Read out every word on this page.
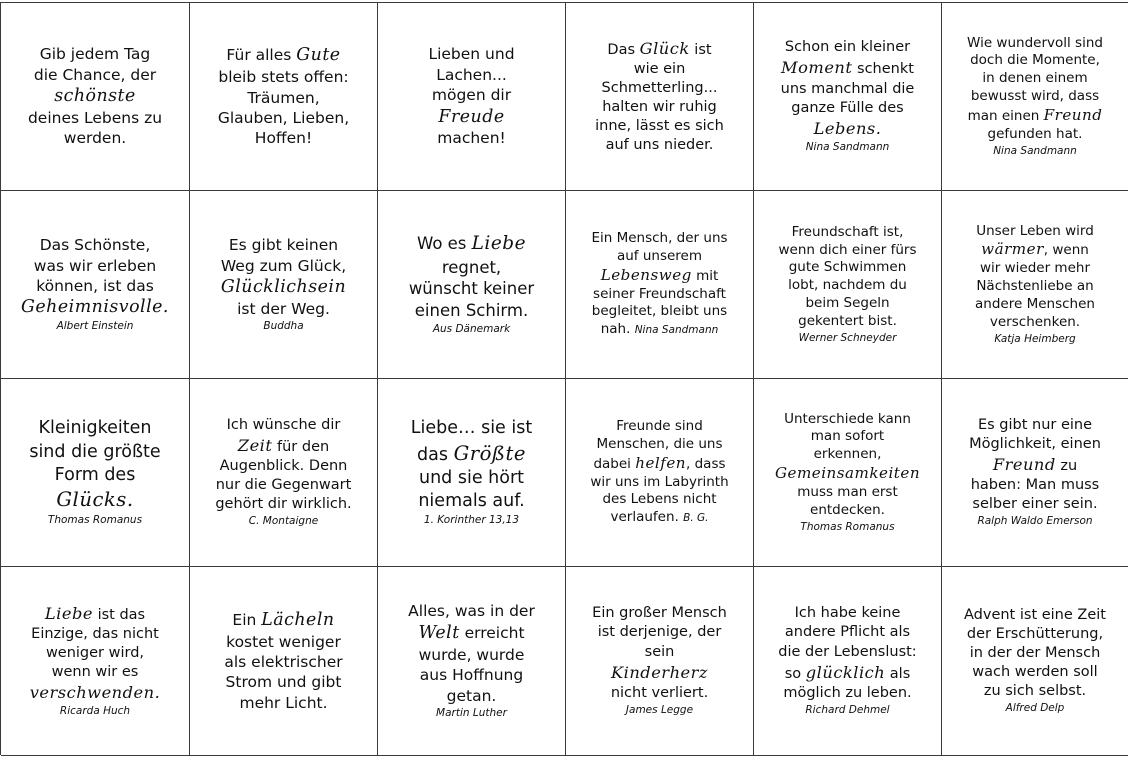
Gib jedem Tag
die Chance, der
schönste
deines Lebens zu
werden.
Für alles Gute
bleib stets offen:
Träumen,
Glauben, Lieben,
Hoffen!
Lieben und
Lachen...
mögen dir
Freude
machen!
Das Glück ist
wie ein
Schmetterling...
halten wir ruhig
inne, lässt es sich
auf uns nieder.
Schon ein kleiner
Moment schenkt
uns manchmal die
ganze Fülle des
Lebens.
Nina Sandmann
Wie wundervoll sind
doch die Momente,
in denen einem
bewusst wird, dass
man einen Freund
gefunden hat.
Nina Sandmann
Das Schönste,
was wir erleben
können, ist das
Geheimnisvolle.
Albert Einstein
Es gibt keinen
Weg zum Glück,
Glücklichsein
ist der Weg.
Buddha
Wo es Liebe
regnet,
wünscht keiner
einen Schirm.
Aus Dänemark
Ein Mensch, der uns
auf unserem
Lebensweg mit
seiner Freundschaft
begleitet, bleibt uns
nah. Nina Sandmann
Freundschaft ist,
wenn dich einer fürs
gute Schwimmen
lobt, nachdem du
beim Segeln
gekentert bist.
Werner Schneyder
Unser Leben wird
wärmer, wenn
wir wieder mehr
Nächstenliebe an
andere Menschen
verschenken.
Katja Heimberg
Kleinigkeiten
sind die größte
Form des
Glücks.
Thomas Romanus
Ich wünsche dir
Zeit für den
Augenblick. Denn
nur die Gegenwart
gehört dir wirklich.
C. Montaigne
Liebe… sie ist
das Größte
und sie hört
niemals auf.
1. Korinther 13,13
Freunde sind
Menschen, die uns
dabei helfen, dass
wir uns im Labyrinth
des Lebens nicht
verlaufen. B. G.
Unterschiede kann
man sofort
erkennen,
Gemeinsamkeiten
muss man erst
entdecken.
Thomas Romanus
Es gibt nur eine
Möglichkeit, einen
Freund zu
haben: Man muss
selber einer sein.
Ralph Waldo Emerson
Liebe ist das
Einzige, das nicht
weniger wird,
wenn wir es
verschwenden.
Ricarda Huch
Ein Lächeln
kostet weniger
als elektrischer
Strom und gibt
mehr Licht.
Alles, was in der
Welt erreicht
wurde, wurde
aus Hoffnung
getan.
Martin Luther
Ein großer Mensch
ist derjenige, der
sein
Kinderherz
nicht verliert.
James Legge
Ich habe keine
andere Pflicht als
die der Lebenslust:
so glücklich als
möglich zu leben.
Richard Dehmel
Advent ist eine Zeit
der Erschütterung,
in der der Mensch
wach werden soll
zu sich selbst.
Alfred Delp
